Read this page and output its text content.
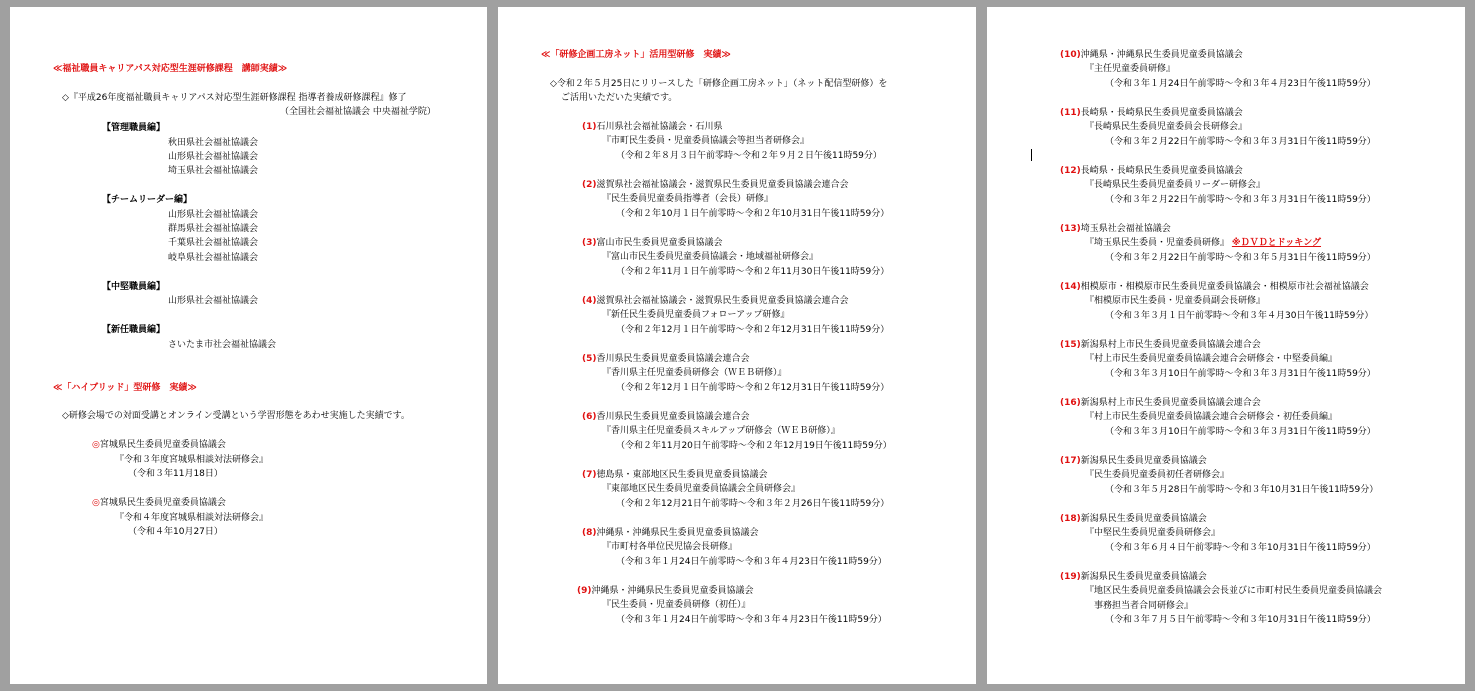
≪福祉職員キャリアパス対応型生涯研修課程　講師実績≫
◇『平成26年度福祉職員キャリアパス対応型生涯研修課程 指導者養成研修課程』修了
（全国社会福祉協議会 中央福祉学院）
【管理職員編】
秋田県社会福祉協議会
山形県社会福祉協議会
埼玉県社会福祉協議会
【チームリーダー編】
山形県社会福祉協議会
群馬県社会福祉協議会
千葉県社会福祉協議会
岐阜県社会福祉協議会
【中堅職員編】
山形県社会福祉協議会
【新任職員編】
さいたま市社会福祉協議会
≪「ハイブリッド」型研修　実績≫
◇研修会場での対面受講とオンライン受講という学習形態をあわせ実施した実績です。
◎宮城県民生委員児童委員協議会
『令和３年度宮城県相談対法研修会』
（令和３年11月18日）
◎宮城県民生委員児童委員協議会
『令和４年度宮城県相談対法研修会』
（令和４年10月27日）
≪「研修企画工房ネット」活用型研修　実績≫
◇令和２年５月25日にリリースした「研修企画工房ネット」（ネット配信型研修）を
ご活用いただいた実績です。
(1)石川県社会福祉協議会・石川県
『市町民生委員・児童委員協議会等担当者研修会』
（令和２年８月３日午前零時～令和２年９月２日午後11時59分）
(2)滋賀県社会福祉協議会・滋賀県民生委員児童委員協議会連合会
『民生委員児童委員指導者（会長）研修』
（令和２年10月１日午前零時～令和２年10月31日午後11時59分）
(3)富山市民生委員児童委員協議会
『富山市民生委員児童委員協議会・地域福祉研修会』
（令和２年11月１日午前零時～令和２年11月30日午後11時59分）
(4)滋賀県社会福祉協議会・滋賀県民生委員児童委員協議会連合会
『新任民生委員児童委員フォローアップ研修』
（令和２年12月１日午前零時～令和２年12月31日午後11時59分）
(5)香川県民生委員児童委員協議会連合会
『香川県主任児童委員研修会（ＷＥＢ研修）』
（令和２年12月１日午前零時～令和２年12月31日午後11時59分）
(6)香川県民生委員児童委員協議会連合会
『香川県主任児童委員スキルアップ研修会（ＷＥＢ研修）』
（令和２年11月20日午前零時～令和２年12月19日午後11時59分）
(7)徳島県・東部地区民生委員児童委員協議会
『東部地区民生委員児童委員協議会全員研修会』
（令和２年12月21日午前零時～令和３年２月26日午後11時59分）
(8)沖縄県・沖縄県民生委員児童委員協議会
『市町村各単位民児協会長研修』
（令和３年１月24日午前零時～令和３年４月23日午後11時59分）
(9)沖縄県・沖縄県民生委員児童委員協議会
『民生委員・児童委員研修（初任）』
（令和３年１月24日午前零時～令和３年４月23日午後11時59分）
(10)沖縄県・沖縄県民生委員児童委員協議会
『主任児童委員研修』
（令和３年１月24日午前零時～令和３年４月23日午後11時59分）
(11)長崎県・長崎県民生委員児童委員協議会
『長崎県民生委員児童委員会長研修会』
（令和３年２月22日午前零時～令和３年３月31日午後11時59分）
(12)長崎県・長崎県民生委員児童委員協議会
『長崎県民生委員児童委員リーダー研修会』
（令和３年２月22日午前零時～令和３年３月31日午後11時59分）
(13)埼玉県社会福祉協議会
『埼玉県民生委員・児童委員研修』 ※ＤＶＤとドッキング
（令和３年２月22日午前零時～令和３年５月31日午後11時59分）
(14)相模原市・相模原市民生委員児童委員協議会・相模原市社会福祉協議会
『相模原市民生委員・児童委員副会長研修』
（令和３年３月１日午前零時～令和３年４月30日午後11時59分）
(15)新潟県村上市民生委員児童委員協議会連合会
『村上市民生委員児童委員協議会連合会研修会・中堅委員編』
（令和３年３月10日午前零時～令和３年３月31日午後11時59分）
(16)新潟県村上市民生委員児童委員協議会連合会
『村上市民生委員児童委員協議会連合会研修会・初任委員編』
（令和３年３月10日午前零時～令和３年３月31日午後11時59分）
(17)新潟県民生委員児童委員協議会
『民生委員児童委員初任者研修会』
（令和３年５月28日午前零時～令和３年10月31日午後11時59分）
(18)新潟県民生委員児童委員協議会
『中堅民生委員児童委員研修会』
（令和３年６月４日午前零時～令和３年10月31日午後11時59分）
(19)新潟県民生委員児童委員協議会
『地区民生委員児童委員協議会会長並びに市町村民生委員児童委員協議会
事務担当者合同研修会』
（令和３年７月５日午前零時～令和３年10月31日午後11時59分）
